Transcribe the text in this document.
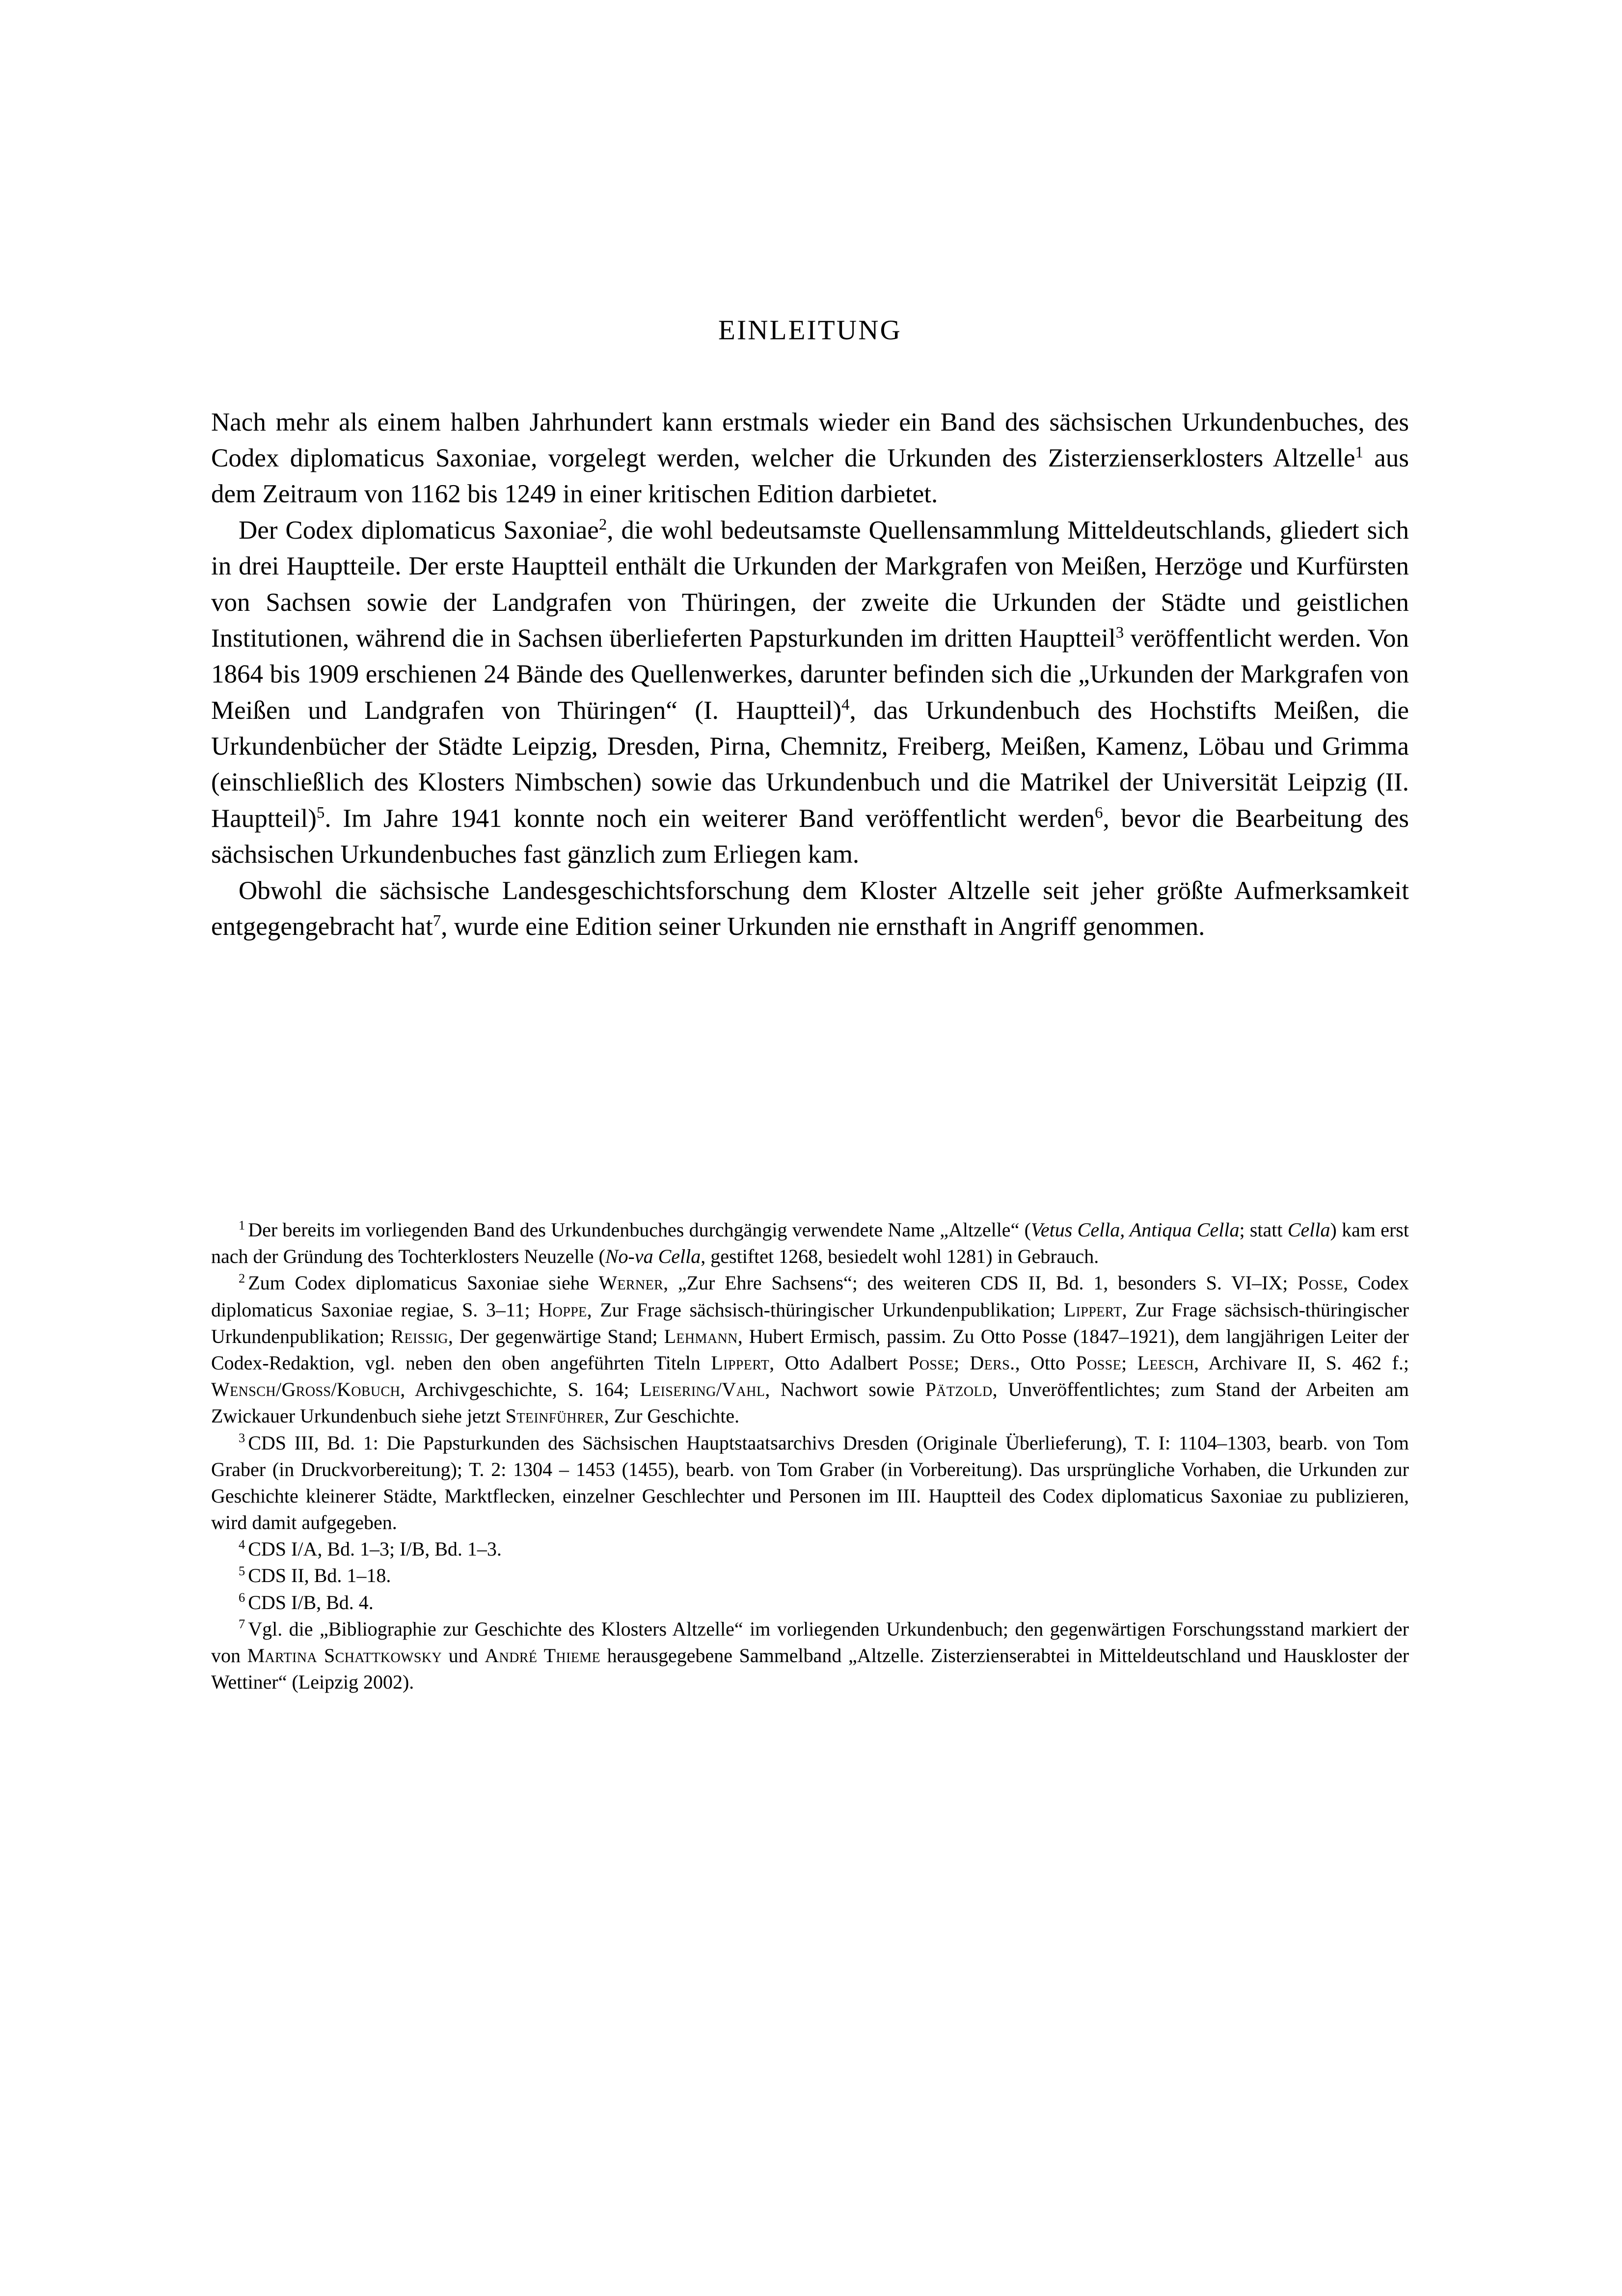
EINLEITUNG

Nach mehr als einem halben Jahrhundert kann erstmals wieder ein Band des sächsischen Urkundenbuches, des Codex diplomaticus Saxoniae, vorgelegt werden, welcher die Urkunden des Zisterzienserklosters Altzelle$^1$ aus dem Zeitraum von 1162 bis 1249 in einer kritischen Edition darbietet.

Der Codex diplomaticus Saxoniae$^2$, die wohl bedeutsamste Quellensammlung Mitteldeutschlands, gliedert sich in drei Hauptteile. Der erste Hauptteil enthält die Urkunden der Markgrafen von Meißen, Herzöge und Kurfürsten von Sachsen sowie der Landgrafen von Thüringen, der zweite die Urkunden der Städte und geistlichen Institutionen, während die in Sachsen überlieferten Papsturkunden im dritten Hauptteil$^3$ veröffentlicht werden. Von 1864 bis 1909 erschienen 24 Bände des Quellenwerkes, darunter befinden sich die „Urkunden der Markgrafen von Meißen und Landgrafen von Thüringen“ (I. Hauptteil)$^4$, das Urkundenbuch des Hochstifts Meißen, die Urkundenbücher der Städte Leipzig, Dresden, Pirna, Chemnitz, Freiberg, Meißen, Kamenz, Löbau und Grimma (einschließlich des Klosters Nimbschen) sowie das Urkundenbuch und die Matrikel der Universität Leipzig (II. Hauptteil)$^5$. Im Jahre 1941 konnte noch ein weiterer Band veröffentlicht werden$^6$, bevor die Bearbeitung des sächsischen Urkundenbuches fast gänzlich zum Erliegen kam.

Obwohl die sächsische Landesgeschichtsforschung dem Kloster Altzelle seit jeher größte Aufmerksamkeit entgegengebracht hat$^7$, wurde eine Edition seiner Urkunden nie ernsthaft in Angriff genommen.

$^1$ Der bereits im vorliegenden Band des Urkundenbuches durchgängig verwendete Name „Altzelle“ (Vetus Cella, Antiqua Cella; statt Cella) kam erst nach der Gründung des Tochterklosters Neuzelle (No-va Cella, gestiftet 1268, besiedelt wohl 1281) in Gebrauch.

$^2$ Zum Codex diplomaticus Saxoniae siehe Werner, „Zur Ehre Sachsens“; des weiteren CDS II, Bd. 1, besonders S. VI–IX; Posse, Codex diplomaticus Saxoniae regiae, S. 3–11; Hoppe, Zur Frage sächsisch-thüringischer Urkundenpublikation; Lippert, Zur Frage sächsisch-thüringischer Urkundenpublikation; Reissig, Der gegenwärtige Stand; Lehmann, Hubert Ermisch, passim. Zu Otto Posse (1847–1921), dem langjährigen Leiter der Codex-Redaktion, vgl. neben den oben angeführten Titeln Lippert, Otto Adalbert Posse; Ders., Otto Posse; Leesch, Archivare II, S. 462 f.; Wensch/Gross/Kobuch, Archivgeschichte, S. 164; Leisering/Vahl, Nachwort sowie Pätzold, Unveröffentlichtes; zum Stand der Arbeiten am Zwickauer Urkundenbuch siehe jetzt Steinführer, Zur Geschichte.

$^3$ CDS III, Bd. 1: Die Papsturkunden des Sächsischen Hauptstaatsarchivs Dresden (Originale Überlieferung), T. I: 1104–1303, bearb. von Tom Graber (in Druckvorbereitung); T. 2: 1304 – 1453 (1455), bearb. von Tom Graber (in Vorbereitung). Das ursprüngliche Vorhaben, die Urkunden zur Geschichte kleinerer Städte, Marktflecken, einzelner Geschlechter und Personen im III. Hauptteil des Codex diplomaticus Saxoniae zu publizieren, wird damit aufgegeben.

$^4$ CDS I/A, Bd. 1–3; I/B, Bd. 1–3.

$^5$ CDS II, Bd. 1–18.

$^6$ CDS I/B, Bd. 4.

$^7$ Vgl. die „Bibliographie zur Geschichte des Klosters Altzelle“ im vorliegenden Urkundenbuch; den gegenwärtigen Forschungsstand markiert der von Martina Schattkowsky und André Thieme herausgegebene Sammelband „Altzelle. Zisterzienserabtei in Mitteldeutschland und Hauskloster der Wettiner“ (Leipzig 2002).
